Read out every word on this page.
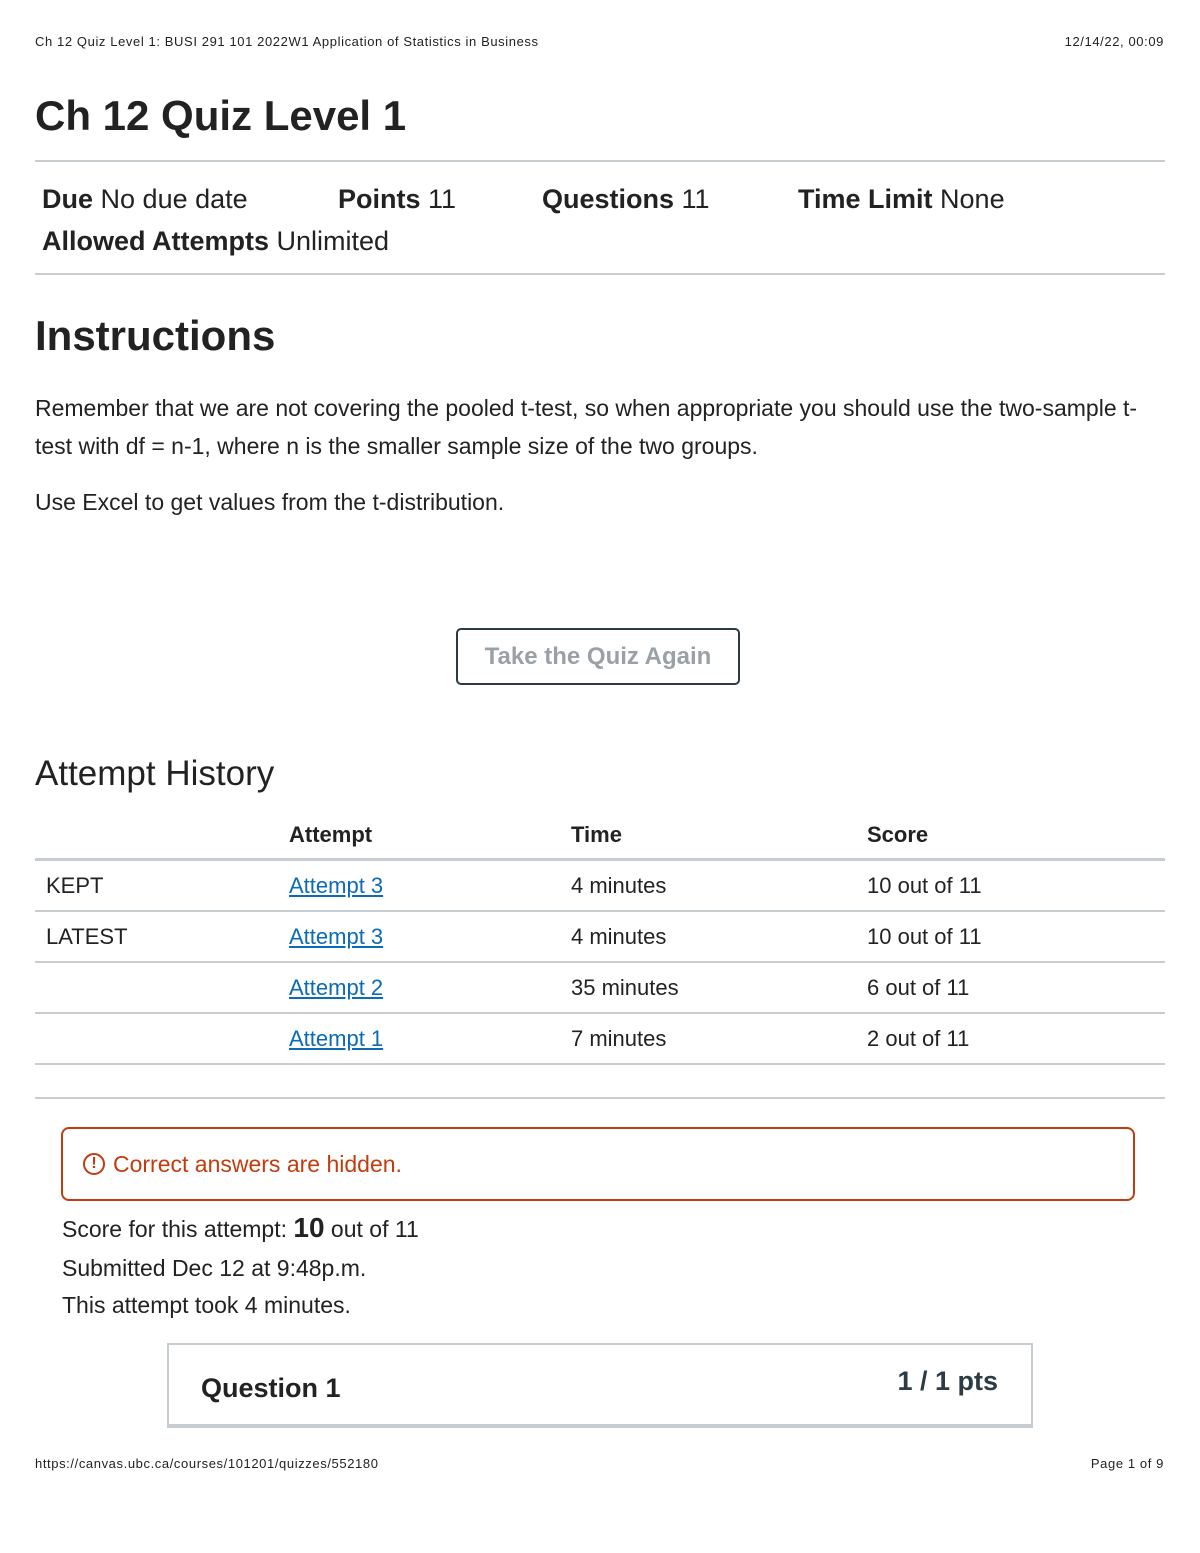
Ch 12 Quiz Level 1: BUSI 291 101 2022W1 Application of Statistics in Business	12/14/22, 00:09
Ch 12 Quiz Level 1
Due No due date	Points 11	Questions 11	Time Limit None
Allowed Attempts Unlimited
Instructions

Remember that we are not covering the pooled t-test, so when appropriate you should use the two-sample t-test with df = n-1, where n is the smaller sample size of the two groups.

Use Excel to get values from the t-distribution.

Take the Quiz Again
Attempt History
	Attempt	Time	Score
KEPT	Attempt 3	4 minutes	10 out of 11
LATEST	Attempt 3	4 minutes	10 out of 11
	Attempt 2	35 minutes	6 out of 11
	Attempt 1	7 minutes	2 out of 11
! Correct answers are hidden.
Score for this attempt: 10 out of 11
Submitted Dec 12 at 9:48p.m.
This attempt took 4 minutes.
Question 1	1 / 1 pts
https://canvas.ubc.ca/courses/101201/quizzes/552180	Page 1 of 9
